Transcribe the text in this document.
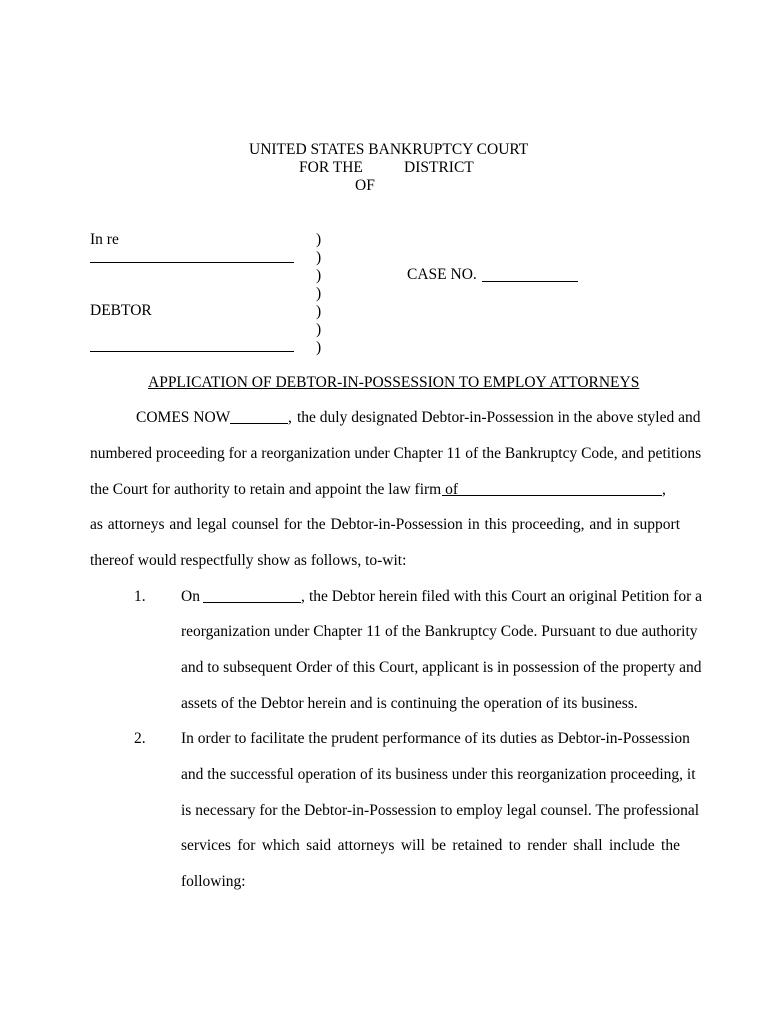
UNITED STATES BANKRUPTCY COURT
FOR THE	DISTRICT
OF
In re
DEBTOR
)
)
)
)
)
)
)
CASE NO.
APPLICATION OF DEBTOR-IN-POSSESSION TO EMPLOY ATTORNEYS
COMES NOW	, the duly designated Debtor-in-Possession in the above styled and
numbered proceeding for a reorganization under Chapter 11 of the Bankruptcy Code, and petitions
the Court for authority to retain and appoint the law firm of	,
as attorneys and legal counsel for the Debtor-in-Possession in this proceeding, and in support
thereof would respectfully show as follows, to-wit:
1. On	, the Debtor herein filed with this Court an original Petition for a
reorganization under Chapter 11 of the Bankruptcy Code. Pursuant to due authority
and to subsequent Order of this Court, applicant is in possession of the property and
assets of the Debtor herein and is continuing the operation of its business.
2. In order to facilitate the prudent performance of its duties as Debtor-in-Possession
and the successful operation of its business under this reorganization proceeding, it
is necessary for the Debtor-in-Possession to employ legal counsel. The professional
services for which said attorneys will be retained to render shall include the
following:
